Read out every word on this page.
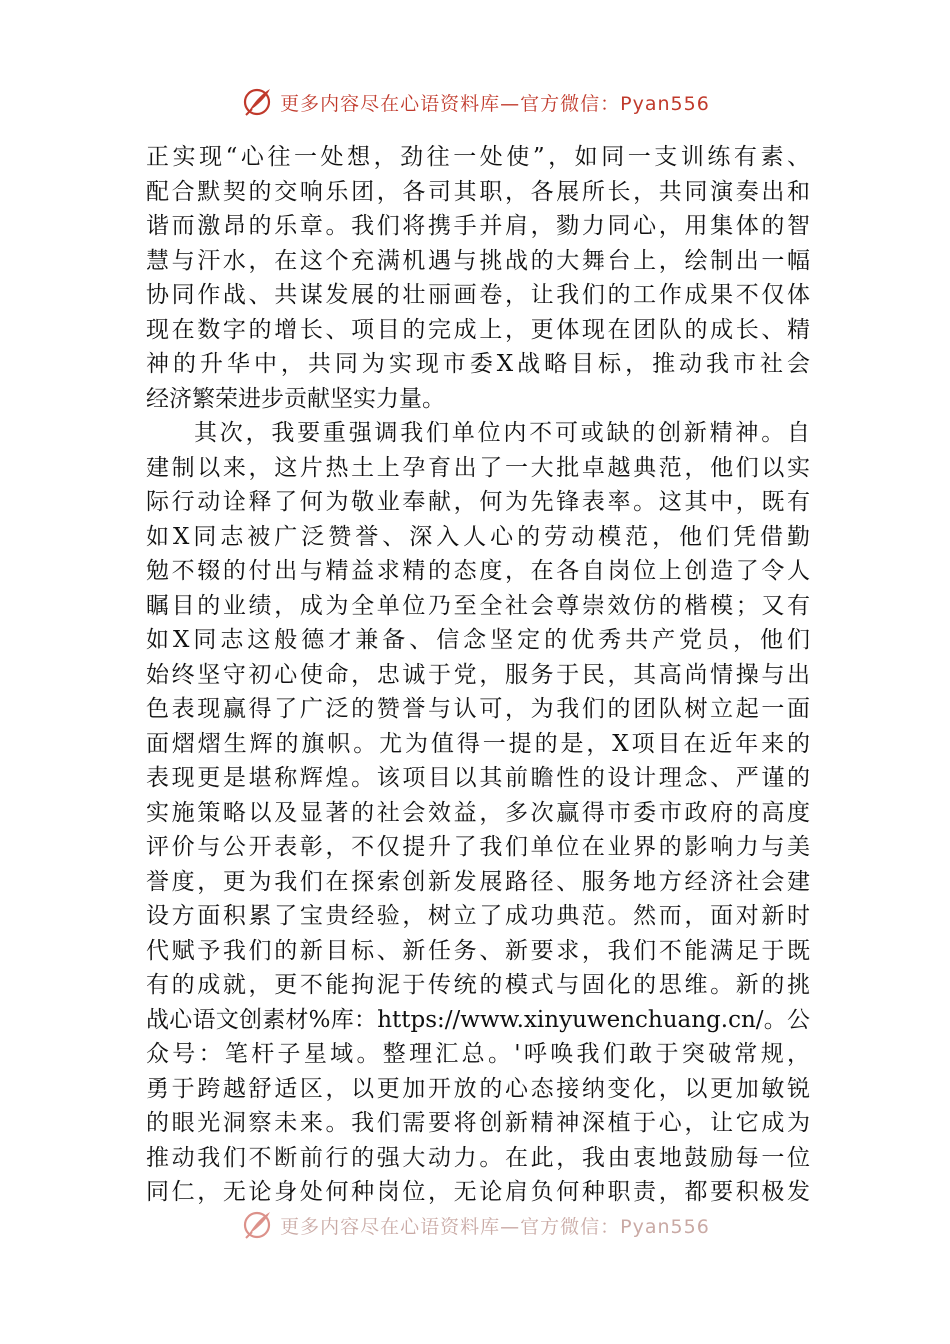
更多内容尽在心语资料库—官方微信：Pyan556
正实现“心往一处想，劲往一处使”，如同一支训练有素、
配合默契的交响乐团，各司其职，各展所长，共同演奏出和
谐而激昂的乐章。我们将携手并肩，勠力同心，用集体的智
慧与汗水，在这个充满机遇与挑战的大舞台上，绘制出一幅
协同作战、共谋发展的壮丽画卷，让我们的工作成果不仅体
现在数字的增长、项目的完成上，更体现在团队的成长、精
神的升华中，共同为实现市委X战略目标，推动我市社会
经济繁荣进步贡献坚实力量。
其次，我要重强调我们单位内不可或缺的创新精神。自
建制以来，这片热土上孕育出了一大批卓越典范，他们以实
际行动诠释了何为敬业奉献，何为先锋表率。这其中，既有
如X同志被广泛赞誉、深入人心的劳动模范，他们凭借勤
勉不辍的付出与精益求精的态度，在各自岗位上创造了令人
瞩目的业绩，成为全单位乃至全社会尊崇效仿的楷模；又有
如X同志这般德才兼备、信念坚定的优秀共产党员，他们
始终坚守初心使命，忠诚于党，服务于民，其高尚情操与出
色表现赢得了广泛的赞誉与认可，为我们的团队树立起一面
面熠熠生辉的旗帜。尤为值得一提的是，X项目在近年来的
表现更是堪称辉煌。该项目以其前瞻性的设计理念、严谨的
实施策略以及显著的社会效益，多次赢得市委市政府的高度
评价与公开表彰，不仅提升了我们单位在业界的影响力与美
誉度，更为我们在探索创新发展路径、服务地方经济社会建
设方面积累了宝贵经验，树立了成功典范。然而，面对新时
代赋予我们的新目标、新任务、新要求，我们不能满足于既
有的成就，更不能拘泥于传统的模式与固化的思维。新的挑
战心语文创素材%库：https://www.xinyuwenchuang.cn/。公
众号：笔杆子星域。整理汇总。'呼唤我们敢于突破常规，
勇于跨越舒适区，以更加开放的心态接纳变化，以更加敏锐
的眼光洞察未来。我们需要将创新精神深植于心，让它成为
推动我们不断前行的强大动力。在此，我由衷地鼓励每一位
同仁，无论身处何种岗位，无论肩负何种职责，都要积极发
更多内容尽在心语资料库—官方微信：Pyan556
